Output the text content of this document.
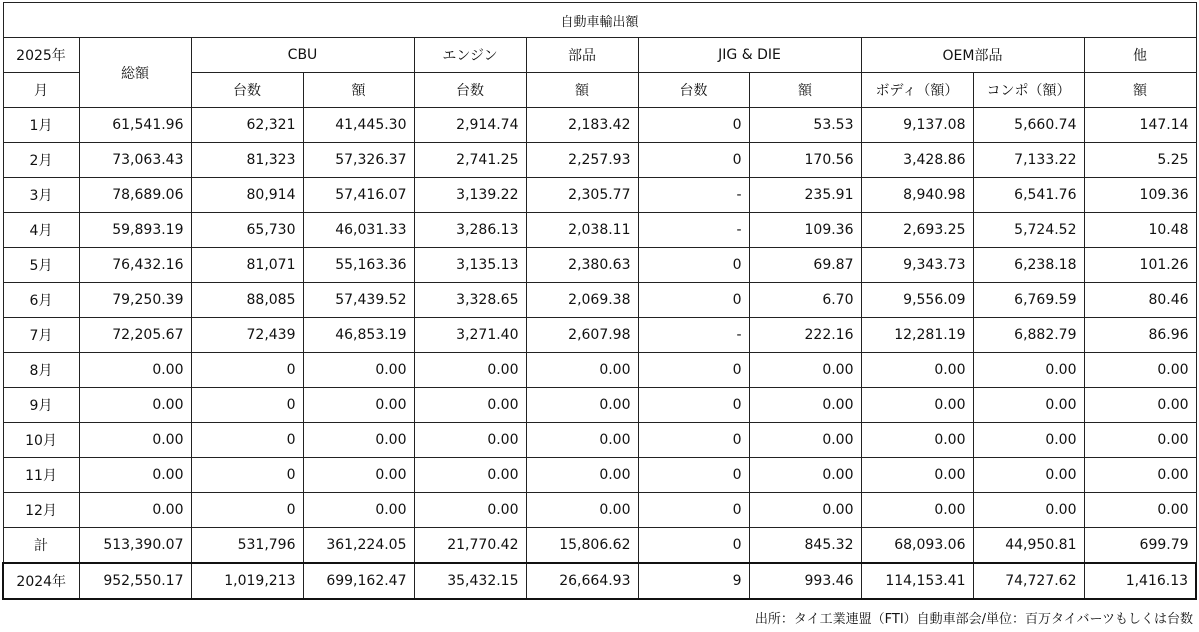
自動車輸出額										
2025年	総額	CBU		エンジン	部品	JIG & DIE		OEM部品		他
月		台数	額	台数	額	台数	額	ボディ（額）	コンポ（額）	額
1月	61,541.96	62,321	41,445.30	2,914.74	2,183.42	0	53.53	9,137.08	5,660.74	147.14
2月	73,063.43	81,323	57,326.37	2,741.25	2,257.93	0	170.56	3,428.86	7,133.22	5.25
3月	78,689.06	80,914	57,416.07	3,139.22	2,305.77	-	235.91	8,940.98	6,541.76	109.36
4月	59,893.19	65,730	46,031.33	3,286.13	2,038.11	-	109.36	2,693.25	5,724.52	10.48
5月	76,432.16	81,071	55,163.36	3,135.13	2,380.63	0	69.87	9,343.73	6,238.18	101.26
6月	79,250.39	88,085	57,439.52	3,328.65	2,069.38	0	6.70	9,556.09	6,769.59	80.46
7月	72,205.67	72,439	46,853.19	3,271.40	2,607.98	-	222.16	12,281.19	6,882.79	86.96
8月	0.00	0	0.00	0.00	0.00	0	0.00	0.00	0.00	0.00
9月	0.00	0	0.00	0.00	0.00	0	0.00	0.00	0.00	0.00
10月	0.00	0	0.00	0.00	0.00	0	0.00	0.00	0.00	0.00
11月	0.00	0	0.00	0.00	0.00	0	0.00	0.00	0.00	0.00
12月	0.00	0	0.00	0.00	0.00	0	0.00	0.00	0.00	0.00
計	513,390.07	531,796	361,224.05	21,770.42	15,806.62	0	845.32	68,093.06	44,950.81	699.79
2024年	952,550.17	1,019,213	699,162.47	35,432.15	26,664.93	9	993.46	114,153.41	74,727.62	1,416.13
出所：タイ工業連盟（FTI）自動車部会/単位：百万タイバーツもしくは台数
